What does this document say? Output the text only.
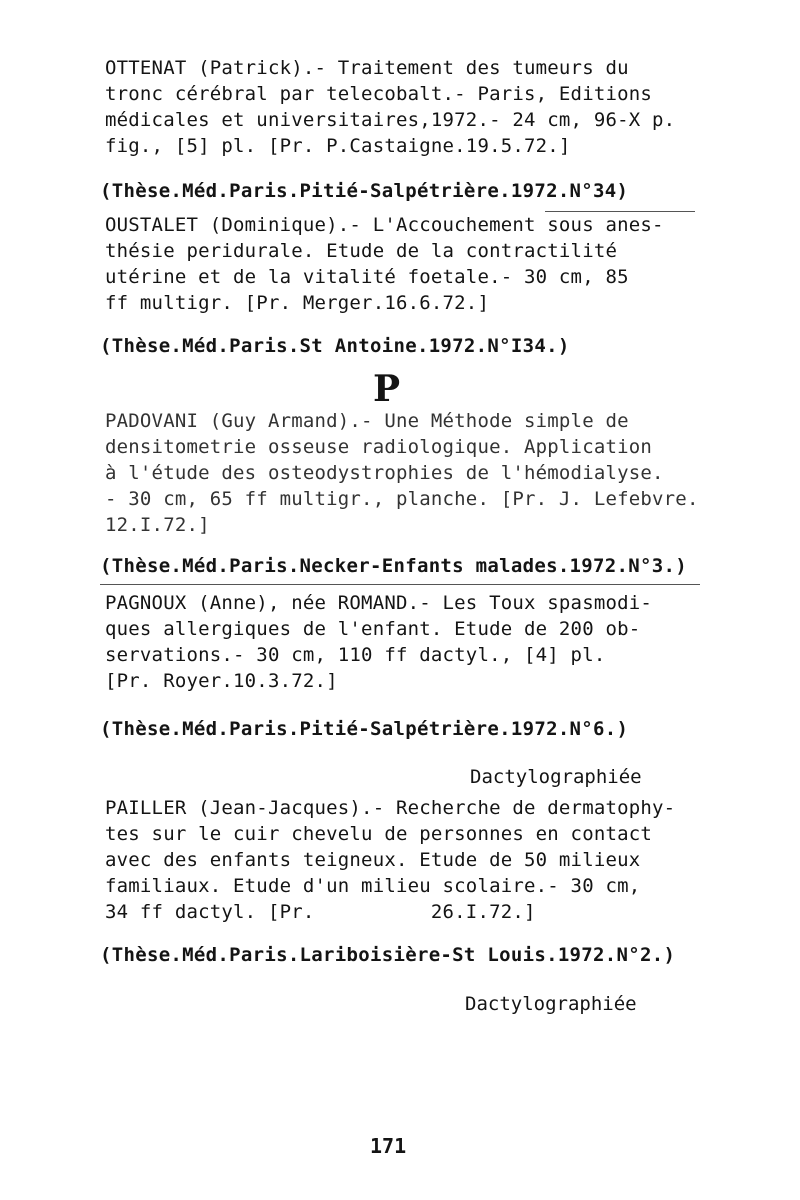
OTTENAT (Patrick).- Traitement des tumeurs du
tronc cérébral par telecobalt.- Paris, Editions
médicales et universitaires,1972.- 24 cm, 96-X p.
fig., [5] pl. [Pr. P.Castaigne.19.5.72.]
(Thèse.Méd.Paris.Pitié-Salpétrière.1972.N°34)
OUSTALET (Dominique).- L'Accouchement sous anes-
thésie peridurale. Etude de la contractilité
utérine et de la vitalité foetale.- 30 cm, 85
ff multigr. [Pr. Merger.16.6.72.]
(Thèse.Méd.Paris.St Antoine.1972.N°I34.)
P
PADOVANI (Guy Armand).- Une Méthode simple de
densitometrie osseuse radiologique. Application
à l'étude des osteodystrophies de l'hémodialyse.
- 30 cm, 65 ff multigr., planche. [Pr. J. Lefebvre.
12.I.72.]
(Thèse.Méd.Paris.Necker-Enfants malades.1972.N°3.)
PAGNOUX (Anne), née ROMAND.- Les Toux spasmodi-
ques allergiques de l'enfant. Etude de 200 ob-
servations.- 30 cm, 110 ff dactyl., [4] pl.
[Pr. Royer.10.3.72.]
(Thèse.Méd.Paris.Pitié-Salpétrière.1972.N°6.)
Dactylographiée
PAILLER (Jean-Jacques).- Recherche de dermatophy-
tes sur le cuir chevelu de personnes en contact
avec des enfants teigneux. Etude de 50 milieux
familiaux. Etude d'un milieu scolaire.- 30 cm,
34 ff dactyl. [Pr.          26.I.72.]
(Thèse.Méd.Paris.Lariboisière-St Louis.1972.N°2.)
Dactylographiée
171
